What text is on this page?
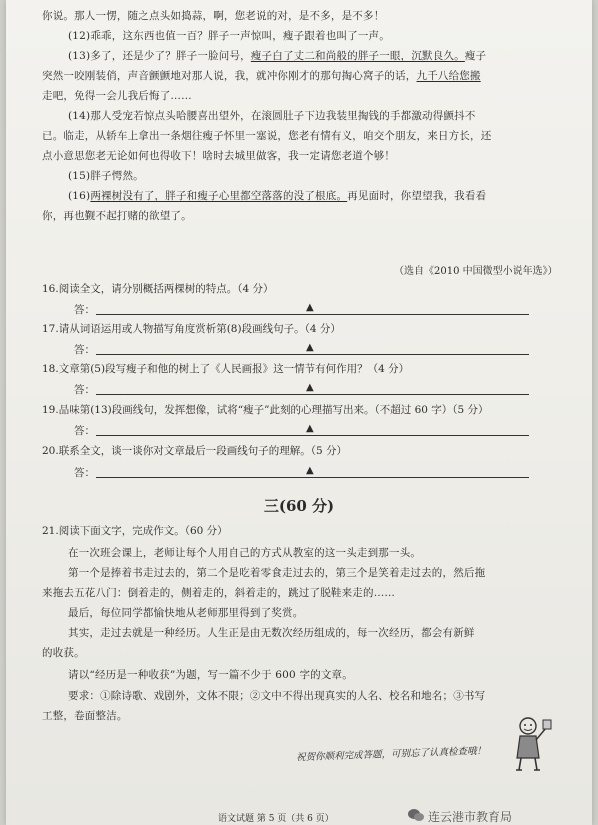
你说。那人一愣，随之点头如捣蒜，啊，您老说的对，是不多，是不多！
(12)乖乖，这东西也值一百？胖子一声惊叫，瘦子跟着也叫了一声。
(13)多了，还是少了？胖子一脸问号，瘦子白了丈二和尚般的胖子一眼，沉默良久。瘦子
突然一咬刚装俏，声音颤颤地对那人说，我，就冲你刚才的那句掏心窝子的话，九千八给您搬
走吧，免得一会儿我后悔了……
(14)那人受宠若惊点头哈腰喜出望外，在滚圆肚子下边我装里掏钱的手都激动得颤抖不
已。临走，从轿车上拿出一条烟往瘦子怀里一塞说，您老有情有义，咱交个朋友，来日方长，还
点小意思您老无论如何也得收下！啥时去城里做客，我一定请您老道个够！
(15)胖子愕然。
(16)两裸树没有了，胖子和瘦子心里都空落落的没了根底。再见面时，你望望我，我看看
你，再也觐不起打赌的欲望了。
（选自《2010 中国微型小说年选》）
16.阅读全文，请分别概括两棵树的特点。（4 分）
答：	▲
17.请从词语运用或人物描写角度赏析第(8)段画线句子。（4 分）
答：	▲
18.文章第(5)段写瘦子和他的树上了《人民画报》这一情节有何作用？（4 分）
答：	▲
19.品味第(13)段画线句，发挥想像，试将“瘦子”此刻的心理描写出来。（不超过 60 字）（5 分）
答：	▲
20.联系全文，谈一谈你对文章最后一段画线句子的理解。（5 分）
答：	▲
三(60 分)
21.阅读下面文字，完成作文。（60 分）
在一次班会课上，老师让每个人用自己的方式从教室的这一头走到那一头。
第一个是捧着书走过去的，第二个是吃着零食走过去的，第三个是笑着走过去的，然后拖
来拖去五花八门：倒着走的，侧着走的，斜着走的，跳过了脱鞋来走的……
最后，每位同学都愉快地从老师那里得到了奖赏。
其实，走过去就是一种经历。人生正是由无数次经历组成的，每一次经历，都会有新鲜
的收获。
请以“经历是一种收获”为题，写一篇不少于 600 字的文章。
要求：①除诗歌、戏剧外，文体不限；②文中不得出现真实的人名、校名和地名；③书写
工整，卷面整洁。
祝贺你顺利完成答题，可别忘了认真检查哦！
语文试题 第 5 页（共 6 页）	连云港市教育局
